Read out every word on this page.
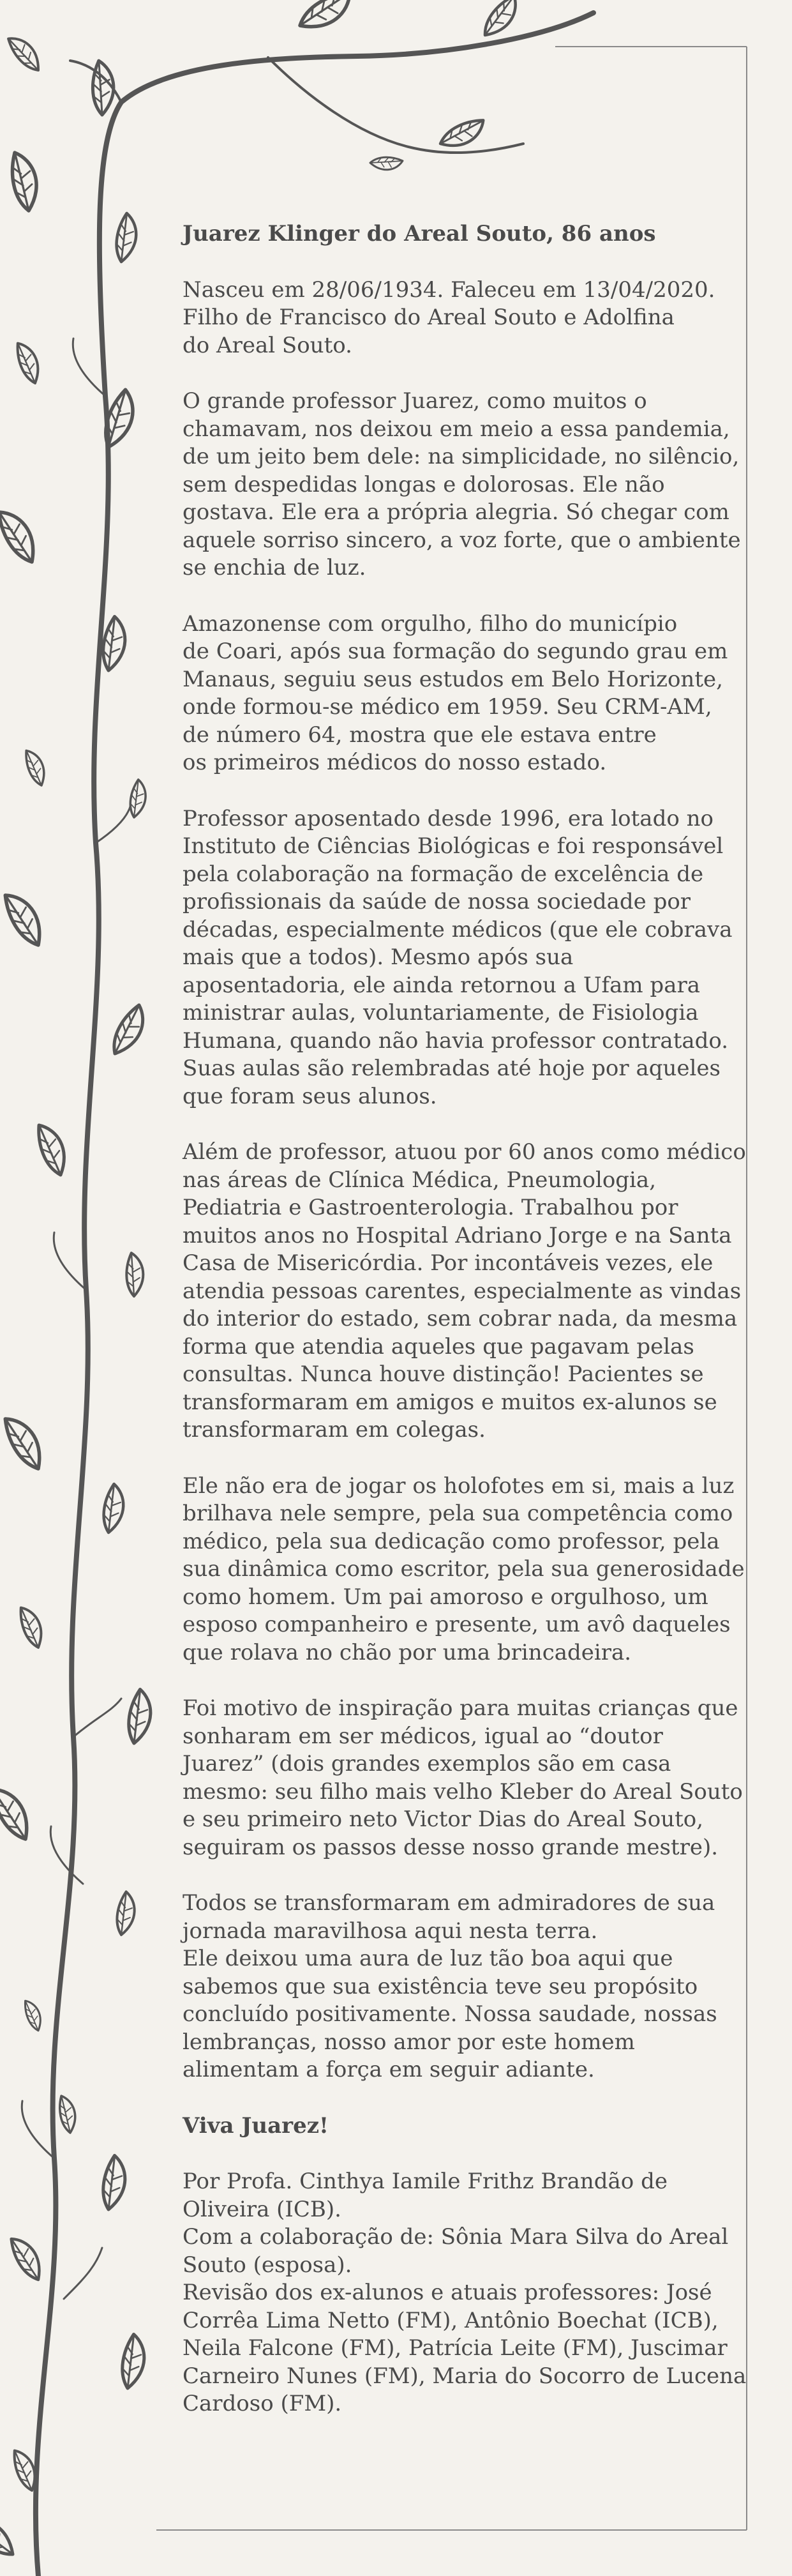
Juarez Klinger do Areal Souto, 86 anos
Nasceu em 28/06/1934. Faleceu em 13/04/2020.
Filho de Francisco do Areal Souto e Adolfina
do Areal Souto.
O grande professor Juarez, como muitos o
chamavam, nos deixou em meio a essa pandemia,
de um jeito bem dele: na simplicidade, no silêncio,
sem despedidas longas e dolorosas. Ele não
gostava. Ele era a própria alegria. Só chegar com
aquele sorriso sincero, a voz forte, que o ambiente
se enchia de luz.
Amazonense com orgulho, filho do município
de Coari, após sua formação do segundo grau em
Manaus, seguiu seus estudos em Belo Horizonte,
onde formou-se médico em 1959. Seu CRM-AM,
de número 64, mostra que ele estava entre
os primeiros médicos do nosso estado.
Professor aposentado desde 1996, era lotado no
Instituto de Ciências Biológicas e foi responsável
pela colaboração na formação de excelência de
profissionais da saúde de nossa sociedade por
décadas, especialmente médicos (que ele cobrava
mais que a todos). Mesmo após sua
aposentadoria, ele ainda retornou a Ufam para
ministrar aulas, voluntariamente, de Fisiologia
Humana, quando não havia professor contratado.
Suas aulas são relembradas até hoje por aqueles
que foram seus alunos.
Além de professor, atuou por 60 anos como médico
nas áreas de Clínica Médica, Pneumologia,
Pediatria e Gastroenterologia. Trabalhou por
muitos anos no Hospital Adriano Jorge e na Santa
Casa de Misericórdia. Por incontáveis vezes, ele
atendia pessoas carentes, especialmente as vindas
do interior do estado, sem cobrar nada, da mesma
forma que atendia aqueles que pagavam pelas
consultas. Nunca houve distinção! Pacientes se
transformaram em amigos e muitos ex-alunos se
transformaram em colegas.
Ele não era de jogar os holofotes em si, mais a luz
brilhava nele sempre, pela sua competência como
médico, pela sua dedicação como professor, pela
sua dinâmica como escritor, pela sua generosidade
como homem. Um pai amoroso e orgulhoso, um
esposo companheiro e presente, um avô daqueles
que rolava no chão por uma brincadeira.
Foi motivo de inspiração para muitas crianças que
sonharam em ser médicos, igual ao “doutor
Juarez” (dois grandes exemplos são em casa
mesmo: seu filho mais velho Kleber do Areal Souto
e seu primeiro neto Victor Dias do Areal Souto,
seguiram os passos desse nosso grande mestre).
Todos se transformaram em admiradores de sua
jornada maravilhosa aqui nesta terra.
Ele deixou uma aura de luz tão boa aqui que
sabemos que sua existência teve seu propósito
concluído positivamente. Nossa saudade, nossas
lembranças, nosso amor por este homem
alimentam a força em seguir adiante.
Viva Juarez!
Por Profa. Cinthya Iamile Frithz Brandão de
Oliveira (ICB).
Com a colaboração de: Sônia Mara Silva do Areal
Souto (esposa).
Revisão dos ex-alunos e atuais professores: José
Corrêa Lima Netto (FM), Antônio Boechat (ICB),
Neila Falcone (FM), Patrícia Leite (FM), Juscimar
Carneiro Nunes (FM), Maria do Socorro de Lucena
Cardoso (FM).
